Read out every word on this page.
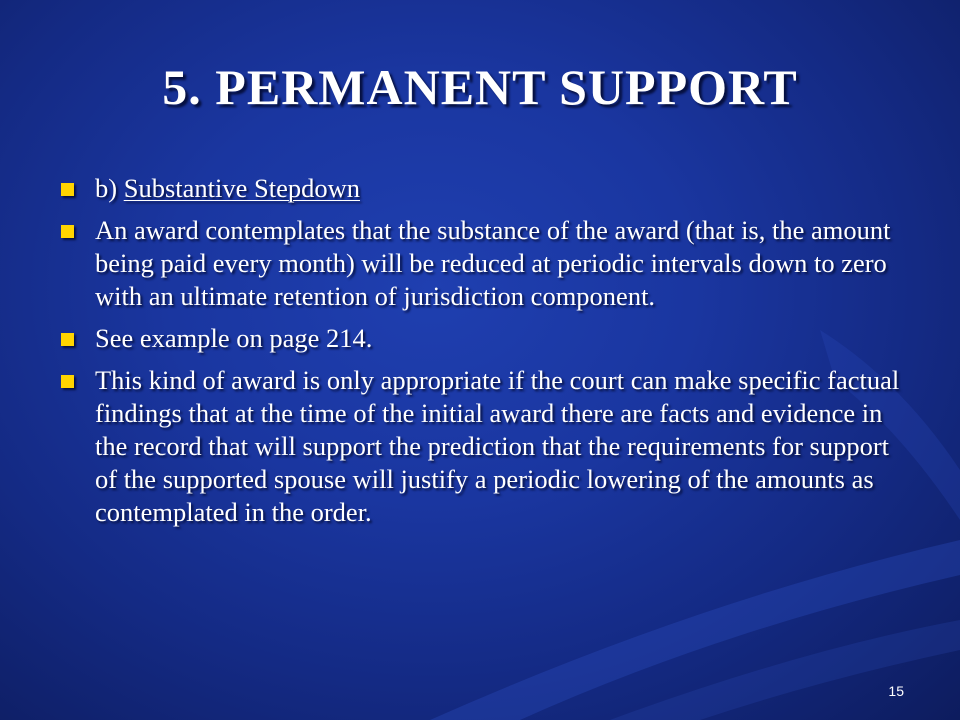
5. PERMANENT SUPPORT
b) Substantive Stepdown
An award contemplates that the substance of the award (that is, the amount being paid every month) will be reduced at periodic intervals down to zero with an ultimate retention of jurisdiction component.
See example on page 214.
This kind of award is only appropriate if the court can make specific factual findings that at the time of the initial award there are facts and evidence in the record that will support the prediction that the requirements for support of the supported spouse will justify a periodic lowering of the amounts as contemplated in the order.
15
